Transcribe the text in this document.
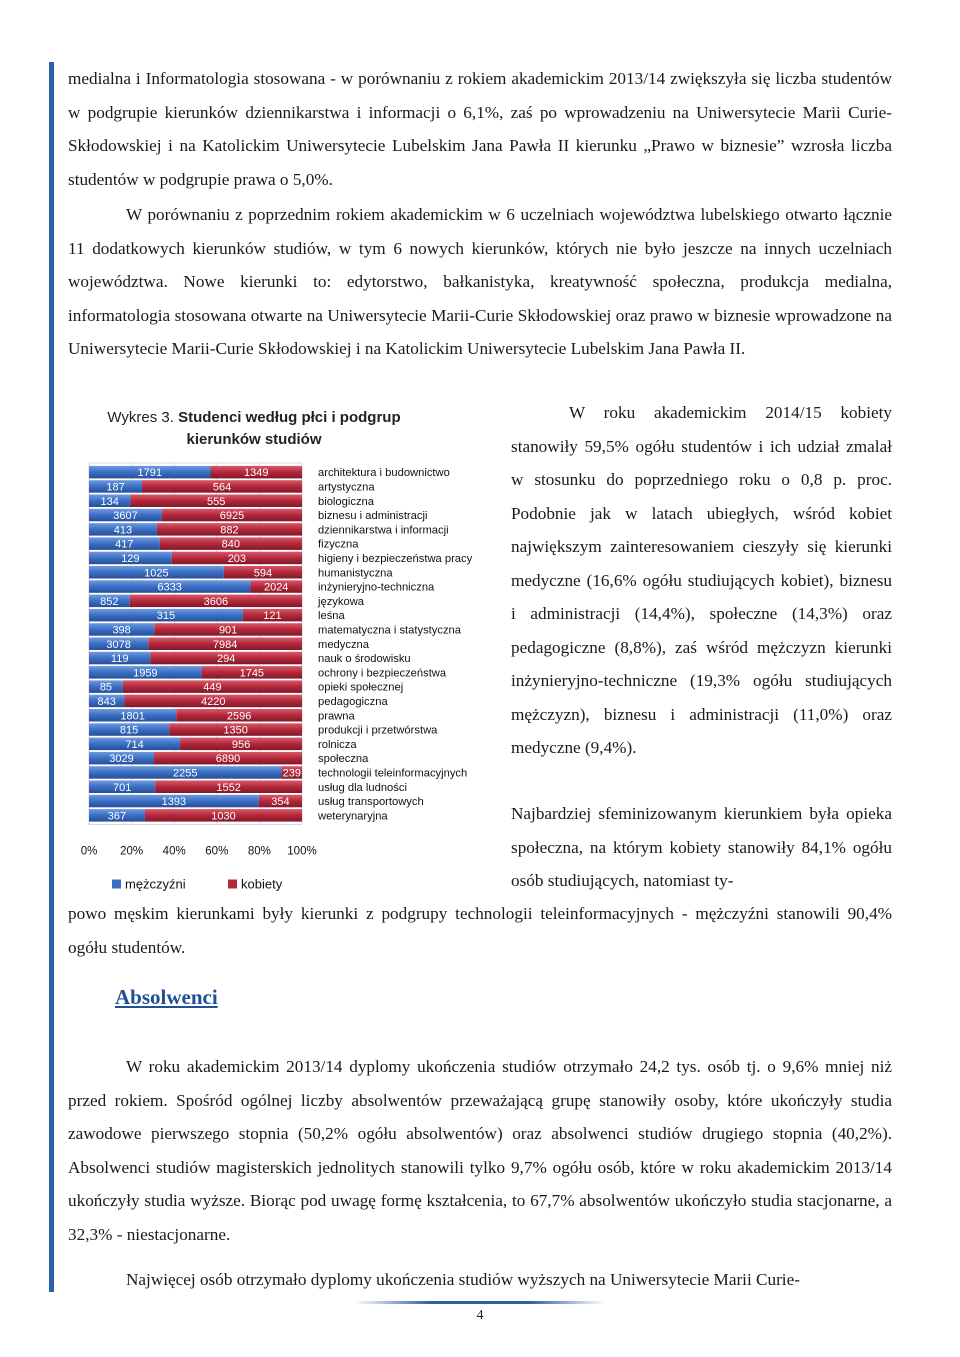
medialna i Informatologia stosowana - w porównaniu z rokiem akademickim 2013/14 zwiększyła się liczba studentów w podgrupie kierunków dziennikarstwa i informacji o 6,1%, zaś po wprowadzeniu na Uniwersytecie Marii Curie-Skłodowskiej i na Katolickim Uniwersytecie Lubelskim Jana Pawła II kierunku „Prawo w biznesie” wzrosła liczba studentów w podgrupie prawa o 5,0%.

W porównaniu z poprzednim rokiem akademickim w 6 uczelniach województwa lubelskiego otwarto łącznie 11 dodatkowych kierunków studiów, w tym 6 nowych kierunków, których nie było jeszcze na innych uczelniach województwa. Nowe kierunki to: edytorstwo, bałkanistyka, kreatywność społeczna, produkcja medialna, informatologia stosowana otwarte na Uniwersytecie Marii-Curie Skłodowskiej oraz prawo w biznesie wprowadzone na Uniwersytecie Marii-Curie Skłodowskiej i na Katolickim Uniwersytecie Lubelskim Jana Pawła II.

Wykres 3. Studenci według płci i podgrup kierunków studiów
1791	1349
187	564
134	555
3607	6925
413	882
417	840
129	203
1025	594
6333	2024
852	3606
315	121
398	901
3078	7984
119	294
1959	1745
85	449
843	4220
1801	2596
815	1350
714	956
3029	6890
2255	239
701	1552
1393	354
367	1030
architektura i budownictwo
artystyczna
biologiczna
biznesu i administracji
dziennikarstwa i informacji
fizyczna
higieny i bezpieczeństwa pracy
humanistyczna
inżynieryjno-techniczna
językowa
leśna
matematyczna i statystyczna
medyczna
nauk o środowisku
ochrony i bezpieczeństwa
opieki społecznej
pedagogiczna
prawna
produkcji i przetwórstwa
rolnicza
społeczna
technologii teleinformacyjnych
usług dla ludności
usług transportowych
weterynaryjna
0% 20% 40% 60% 80% 100%
mężczyźni	kobiety

W roku akademickim 2014/15 kobiety stanowiły 59,5% ogółu studentów i ich udział zmalał w stosunku do poprzedniego roku o 0,8 p. proc. Podobnie jak w latach ubiegłych, wśród kobiet największym zainteresowaniem cieszyły się kierunki medyczne (16,6% ogółu studiujących kobiet), biznesu i administracji (14,4%), społeczne (14,3%) oraz pedagogiczne (8,8%), zaś wśród mężczyzn kierunki inżynieryjno-techniczne (19,3% ogółu studiujących mężczyzn), biznesu i administracji (11,0%) oraz medyczne (9,4%).

Najbardziej sfeminizowanym kierunkiem była opieka społeczna, na którym kobiety stanowiły 84,1% ogółu osób studiujących, natomiast ty-

powo męskim kierunkami były kierunki z podgrupy technologii teleinformacyjnych - mężczyźni stanowili 90,4% ogółu studentów.

Absolwenci

W roku akademickim 2013/14 dyplomy ukończenia studiów otrzymało 24,2 tys. osób tj. o 9,6% mniej niż przed rokiem. Spośród ogólnej liczby absolwentów przeważającą grupę stanowiły osoby, które ukończyły studia zawodowe pierwszego stopnia (50,2% ogółu absolwentów) oraz absolwenci studiów drugiego stopnia (40,2%). Absolwenci studiów magisterskich jednolitych stanowili tylko 9,7% ogółu osób, które w roku akademickim 2013/14 ukończyły studia wyższe. Biorąc pod uwagę formę kształcenia, to 67,7% absolwentów ukończyło studia stacjonarne, a 32,3% - niestacjonarne.

Najwięcej osób otrzymało dyplomy ukończenia studiów wyższych na Uniwersytecie Marii Curie-

4
